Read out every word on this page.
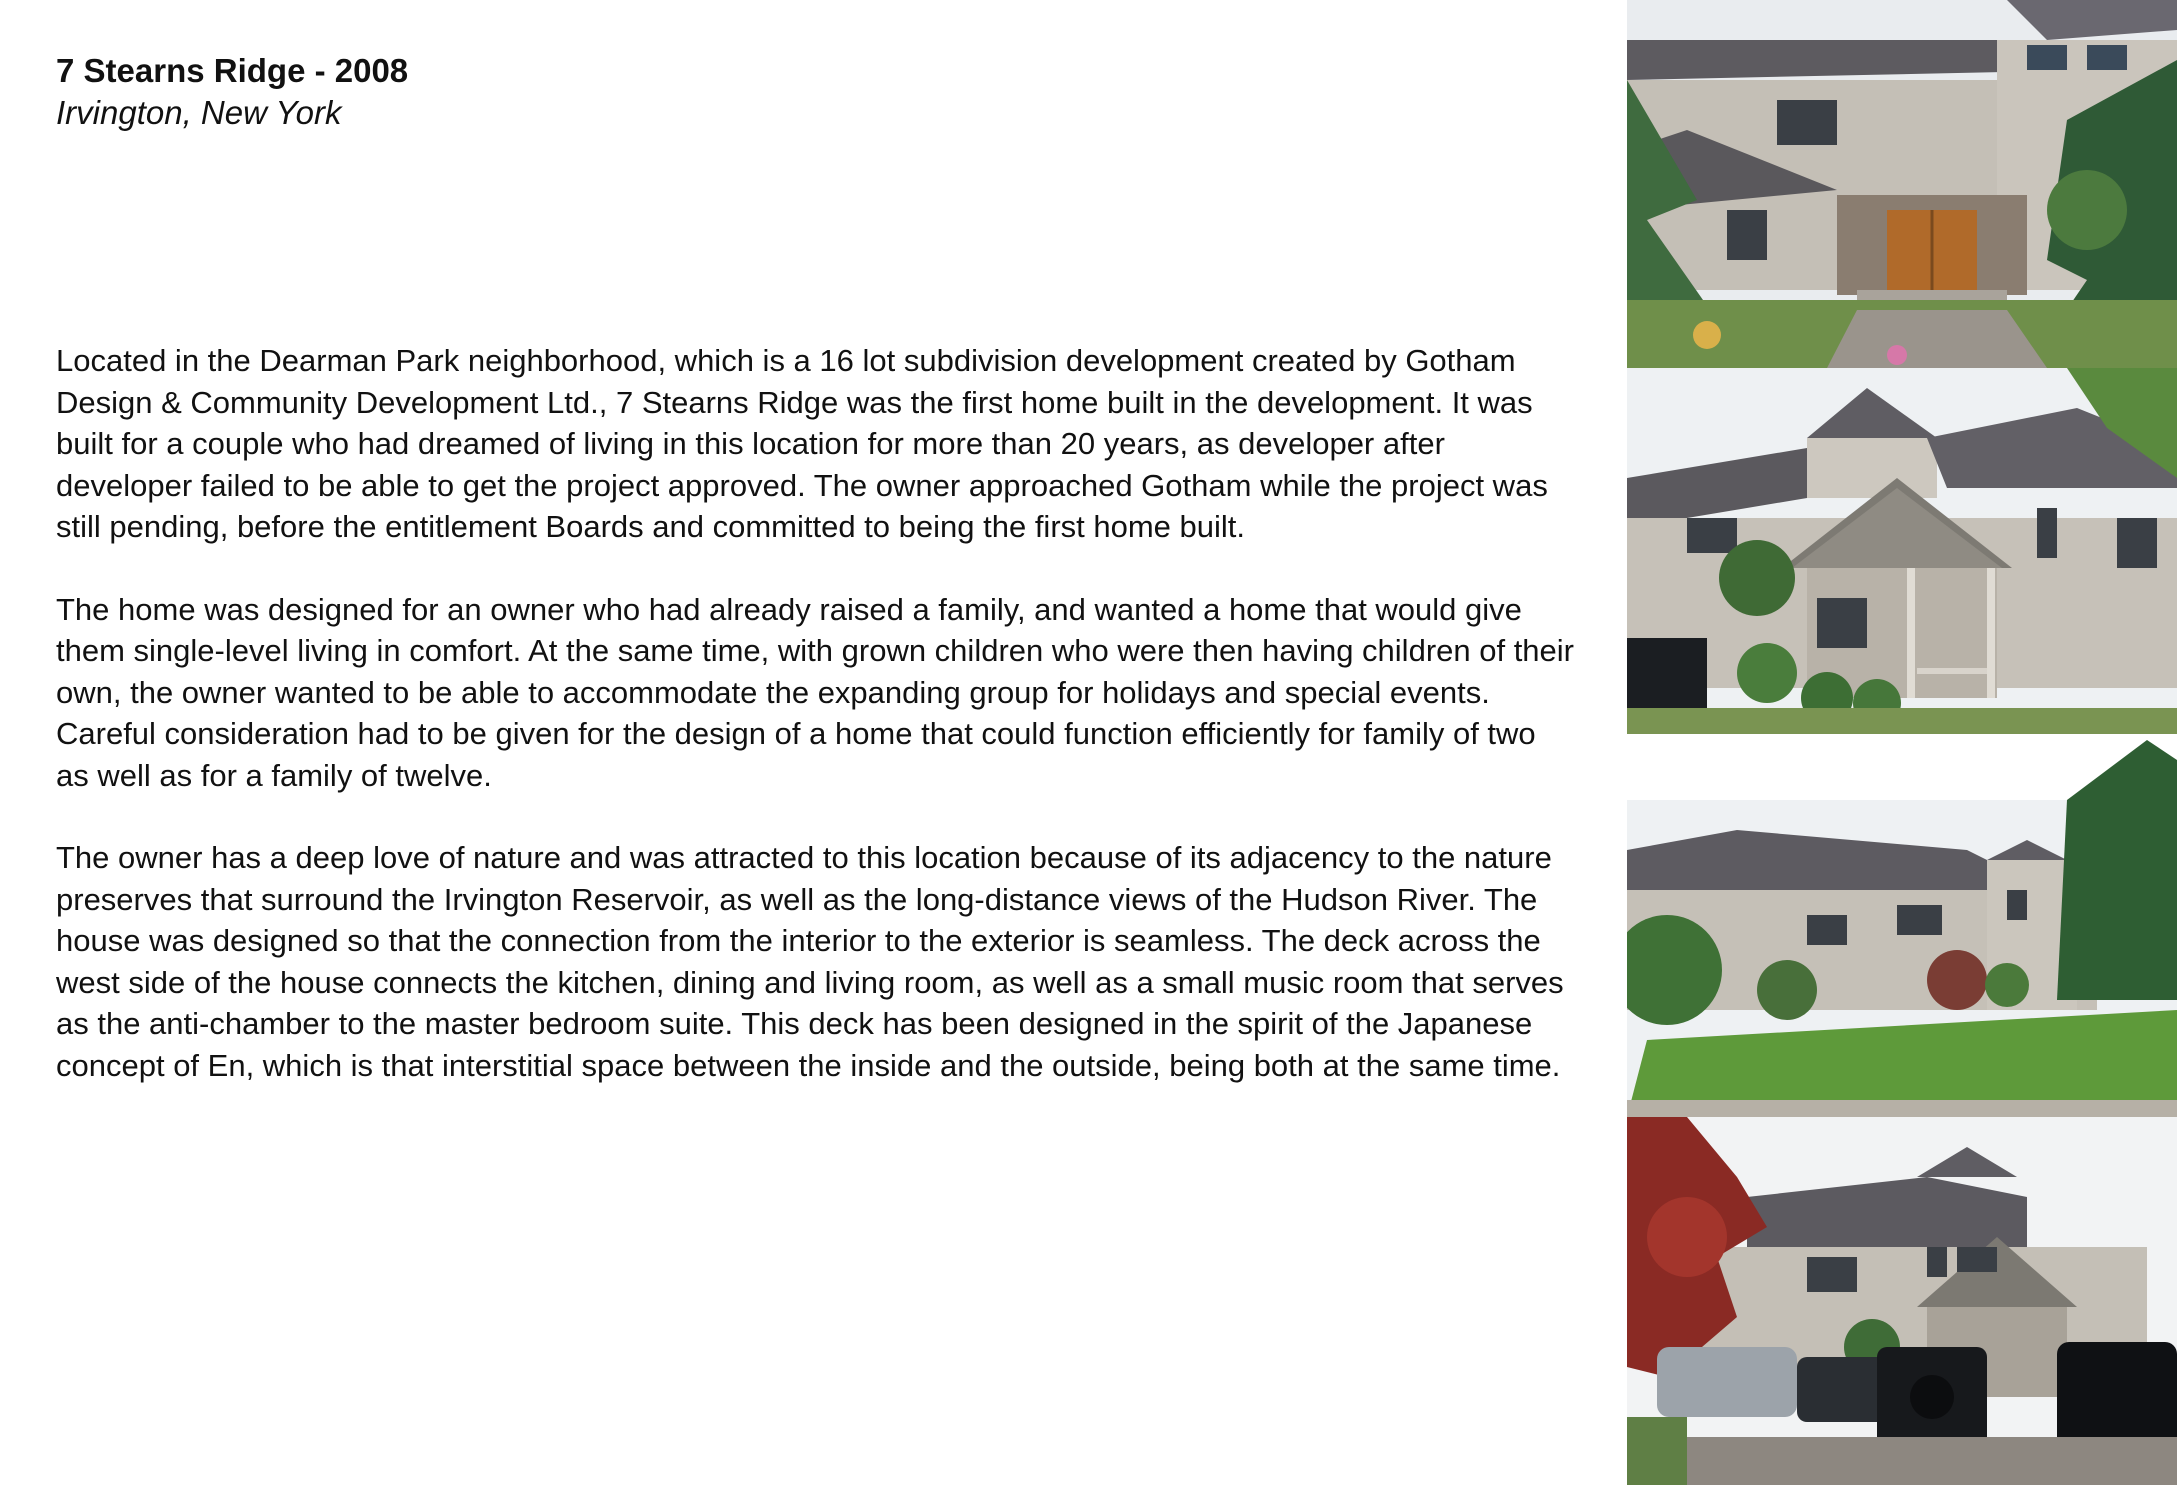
7 Stearns Ridge - 2008

Irvington, New York

Located in the Dearman Park neighborhood, which is a 16 lot subdivision development created by Gotham Design & Community Development Ltd., 7 Stearns Ridge was the first home built in the development. It was built for a couple who had dreamed of living in this location for more than 20 years, as developer after developer failed to be able to get the project approved. The owner approached Gotham while the project was still pending, before the entitlement Boards and committed to being the first home built.

The home was designed for an owner who had already raised a family, and wanted a home that would give them single-level living in comfort. At the same time, with grown children who were then having children of their own, the owner wanted to be able to accommodate the expanding group for holidays and special events. Careful consideration had to be given for the design of a home that could function efficiently for family of two as well as for a family of twelve.

The owner has a deep love of nature and was attracted to this location because of its adjacency to the nature preserves that surround the Irvington Reservoir, as well as the long-distance views of the Hudson River. The house was designed so that the connection from the interior to the exterior is seamless. The deck across the west side of the house connects the kitchen, dining and living room, as well as a small music room that serves as the anti-chamber to the master bedroom suite. This deck has been designed in the spirit of the Japanese concept of En, which is that interstitial space between the inside and the outside, being both at the same time.
